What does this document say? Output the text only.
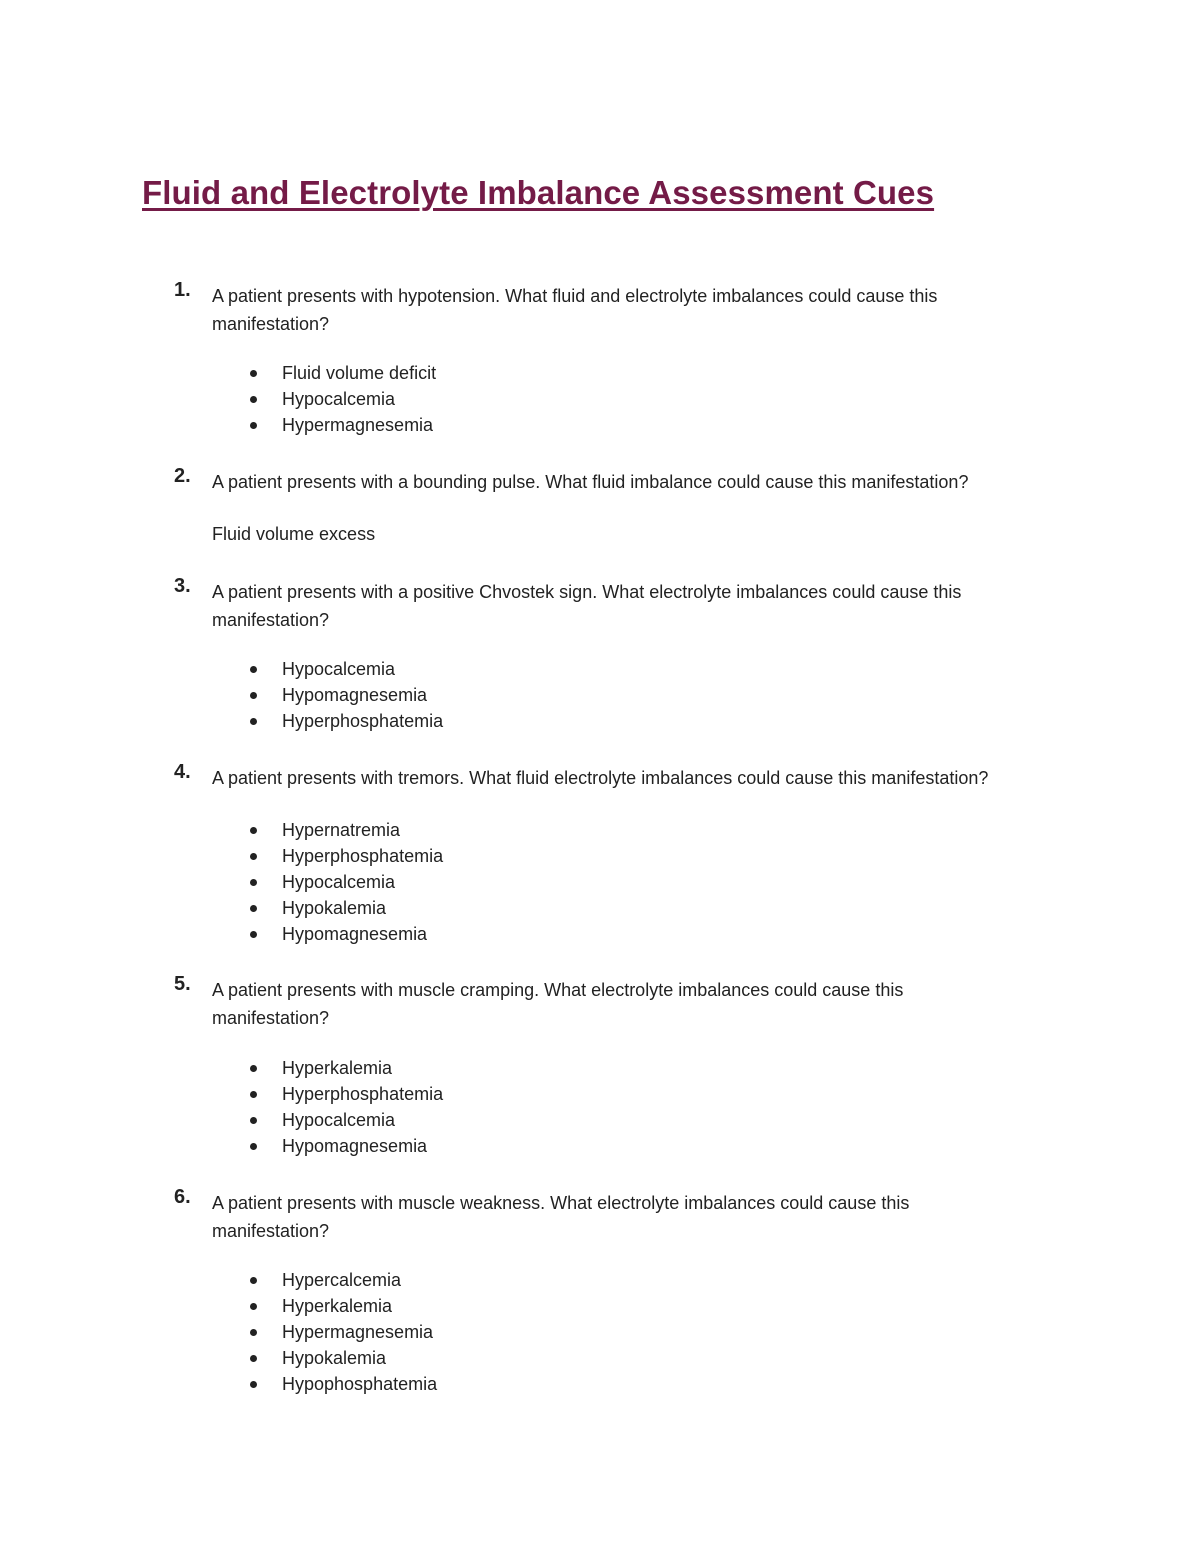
Fluid and Electrolyte Imbalance Assessment Cues
1. A patient presents with hypotension. What fluid and electrolyte imbalances could cause this manifestation?
Fluid volume deficit
Hypocalcemia
Hypermagnesemia
2. A patient presents with a bounding pulse. What fluid imbalance could cause this manifestation?
Fluid volume excess
3. A patient presents with a positive Chvostek sign. What electrolyte imbalances could cause this manifestation?
Hypocalcemia
Hypomagnesemia
Hyperphosphatemia
4. A patient presents with tremors. What fluid electrolyte imbalances could cause this manifestation?
Hypernatremia
Hyperphosphatemia
Hypocalcemia
Hypokalemia
Hypomagnesemia
5. A patient presents with muscle cramping. What electrolyte imbalances could cause this manifestation?
Hyperkalemia
Hyperphosphatemia
Hypocalcemia
Hypomagnesemia
6. A patient presents with muscle weakness. What electrolyte imbalances could cause this manifestation?
Hypercalcemia
Hyperkalemia
Hypermagnesemia
Hypokalemia
Hypophosphatemia
